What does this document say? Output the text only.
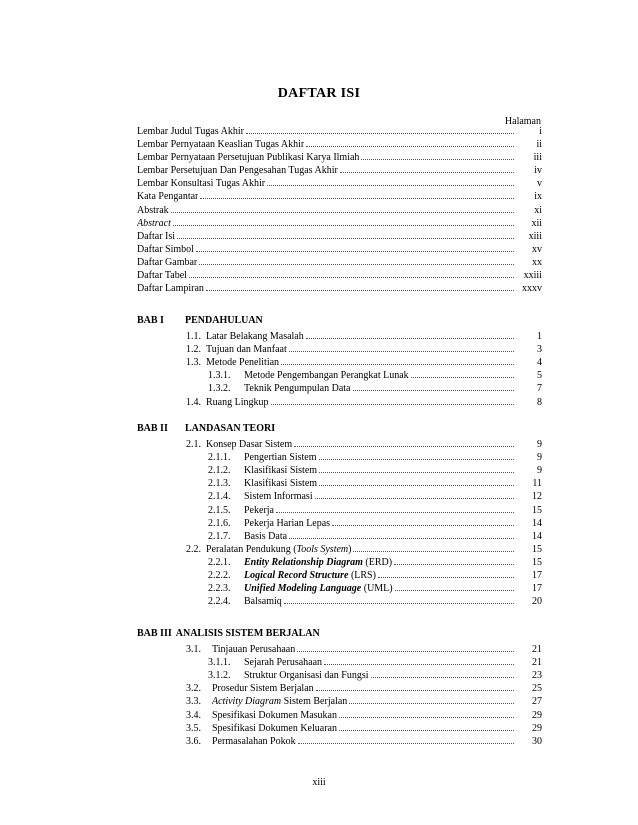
DAFTAR ISI
Halaman
Lembar Judul Tugas Akhir	i
Lembar Pernyataan Keaslian Tugas Akhir	ii
Lembar Pernyataan Persetujuan Publikasi Karya Ilmiah	iii
Lembar Persetujuan Dan Pengesahan Tugas Akhir	iv
Lembar Konsultasi Tugas Akhir	v
Kata Pengantar	ix
Abstrak	xi
Abstract	xii
Daftar Isi	xiii
Daftar Simbol	xv
Daftar Gambar	xx
Daftar Tabel	xxiii
Daftar Lampiran	xxxv
BAB I PENDAHULUAN
1.1. Latar Belakang Masalah	1
1.2. Tujuan dan Manfaat	3
1.3. Metode Penelitian	4
1.3.1.	Metode Pengembangan Perangkat Lunak	5
1.3.2.	Teknik Pengumpulan Data	7
1.4. Ruang Lingkup	8
BAB II LANDASAN TEORI
2.1. Konsep Dasar Sistem	9
2.1.1.	Pengertian Sistem	9
2.1.2.	Klasifikasi Sistem	9
2.1.3.	Klasifikasi Sistem	11
2.1.4.	Sistem Informasi	12
2.1.5.	Pekerja	15
2.1.6.	Pekerja Harian Lepas	14
2.1.7.	Basis Data	14
2.2. Peralatan Pendukung (Tools System)	15
2.2.1.	Entity Relationship Diagram (ERD)	15
2.2.2.	Logical Record Structure (LRS)	17
2.2.3.	Unified Modeling Language (UML)	17
2.2.4.	Balsamiq	20
BAB III ANALISIS SISTEM BERJALAN
3.1.	Tinjauan Perusahaan	21
3.1.1.	Sejarah Perusahaan	21
3.1.2.	Struktur Organisasi dan Fungsi	23
3.2.	Prosedur Sistem Berjalan	25
3.3.	Activity Diagram Sistem Berjalan	27
3.4.	Spesifikasi Dokumen Masukan	29
3.5.	Spesifikasi Dokumen Keluaran	29
3.6.	Permasalahan Pokok	30
xiii
